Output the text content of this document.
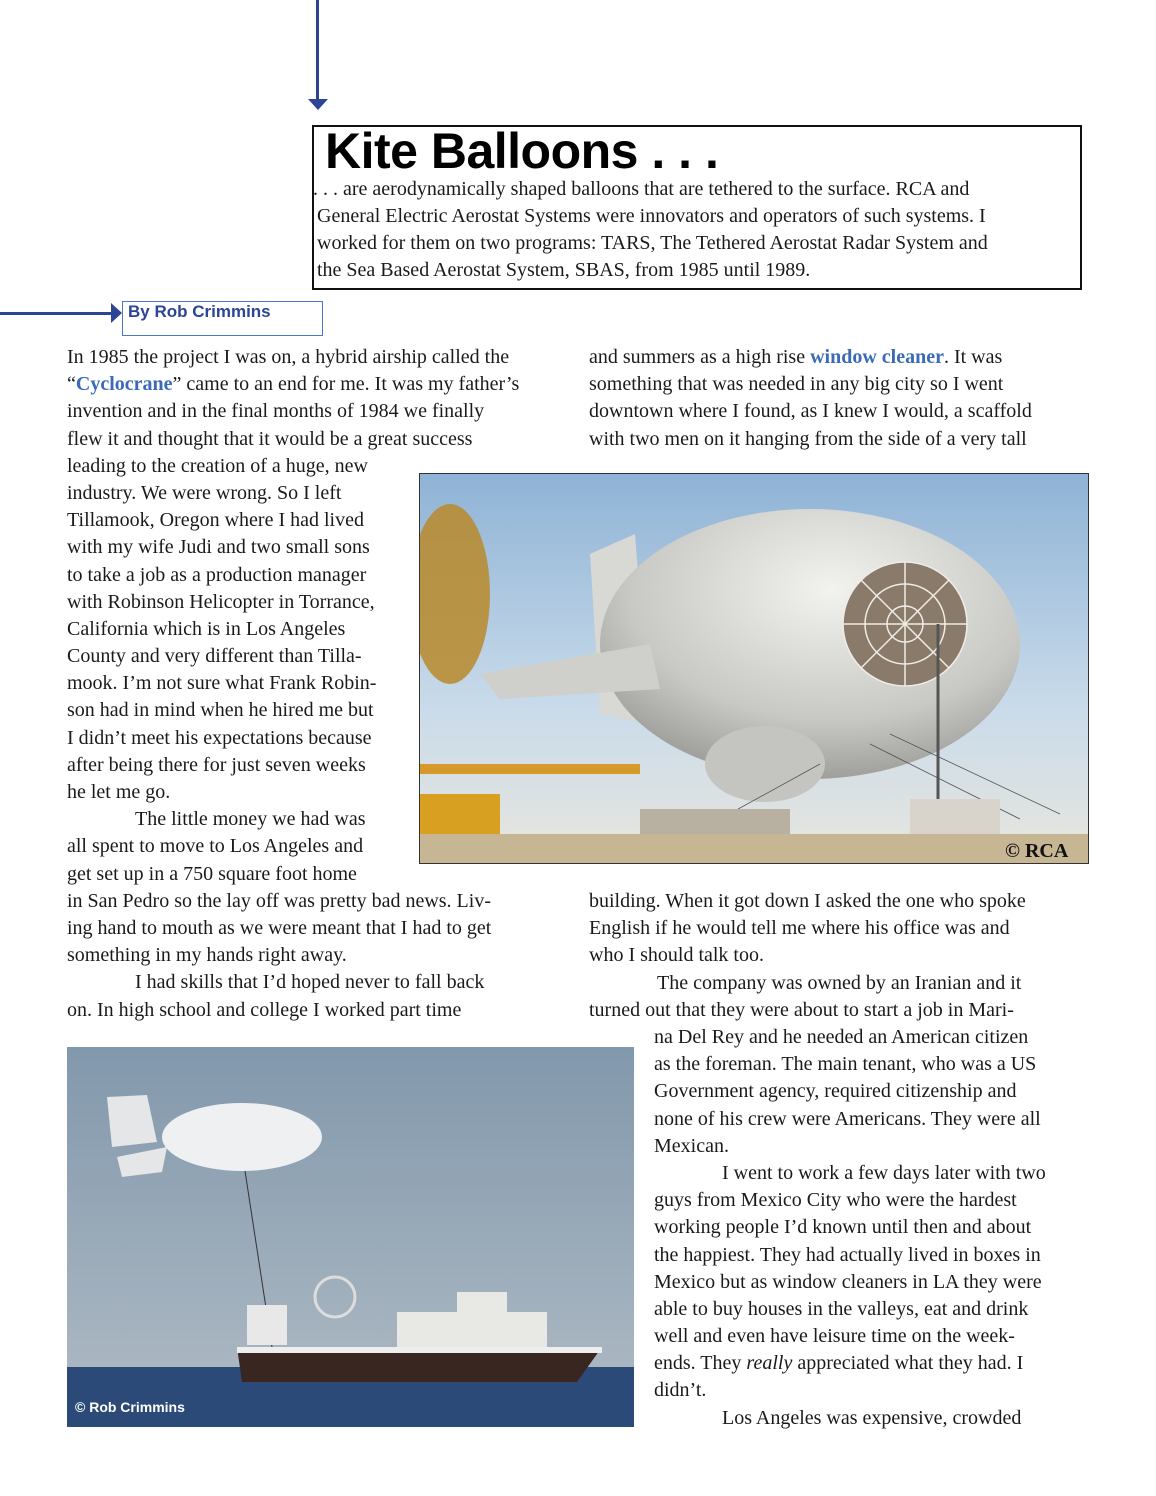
Kite Balloons . . .
. . . are aerodynamically shaped balloons that are tethered to the surface. RCA and
General Electric Aerostat Systems were innovators and operators of such systems. I
worked for them on two programs: TARS, The Tethered Aerostat Radar System and
the Sea Based Aerostat System, SBAS, from 1985 until 1989.
By Rob Crimmins
In 1985 the project I was on, a hybrid airship called the
“Cyclocrane” came to an end for me. It was my father’s
invention and in the final months of 1984 we finally
flew it and thought that it would be a great success
leading to the creation of a huge, new
industry. We were wrong. So I left
Tillamook, Oregon where I had lived
with my wife Judi and two small sons
to take a job as a production manager
with Robinson Helicopter in Torrance,
California which is in Los Angeles
County and very different than Tilla-
mook. I’m not sure what Frank Robin-
son had in mind when he hired me but
I didn’t meet his expectations because
after being there for just seven weeks
he let me go.
The little money we had was
all spent to move to Los Angeles and
get set up in a 750 square foot home
in San Pedro so the lay off was pretty bad news. Liv-
ing hand to mouth as we were meant that I had to get
something in my hands right away.
I had skills that I’d hoped never to fall back
on. In high school and college I worked part time
and summers as a high rise window cleaner. It was
something that was needed in any big city so I went
downtown where I found, as I knew I would, a scaffold
with two men on it hanging from the side of a very tall
building. When it got down I asked the one who spoke
English if he would tell me where his office was and
who I should talk too.
The company was owned by an Iranian and it
turned out that they were about to start a job in Mari-
na Del Rey and he needed an American citizen
as the foreman. The main tenant, who was a US
Government agency, required citizenship and
none of his crew were Americans. They were all
Mexican.
I went to work a few days later with two
guys from Mexico City who were the hardest
working people I’d known until then and about
the happiest. They had actually lived in boxes in
Mexico but as window cleaners in LA they were
able to buy houses in the valleys, eat and drink
well and even have leisure time on the week-
ends. They really appreciated what they had. I
didn’t.
Los Angeles was expensive, crowded
© RCA
© Rob Crimmins
